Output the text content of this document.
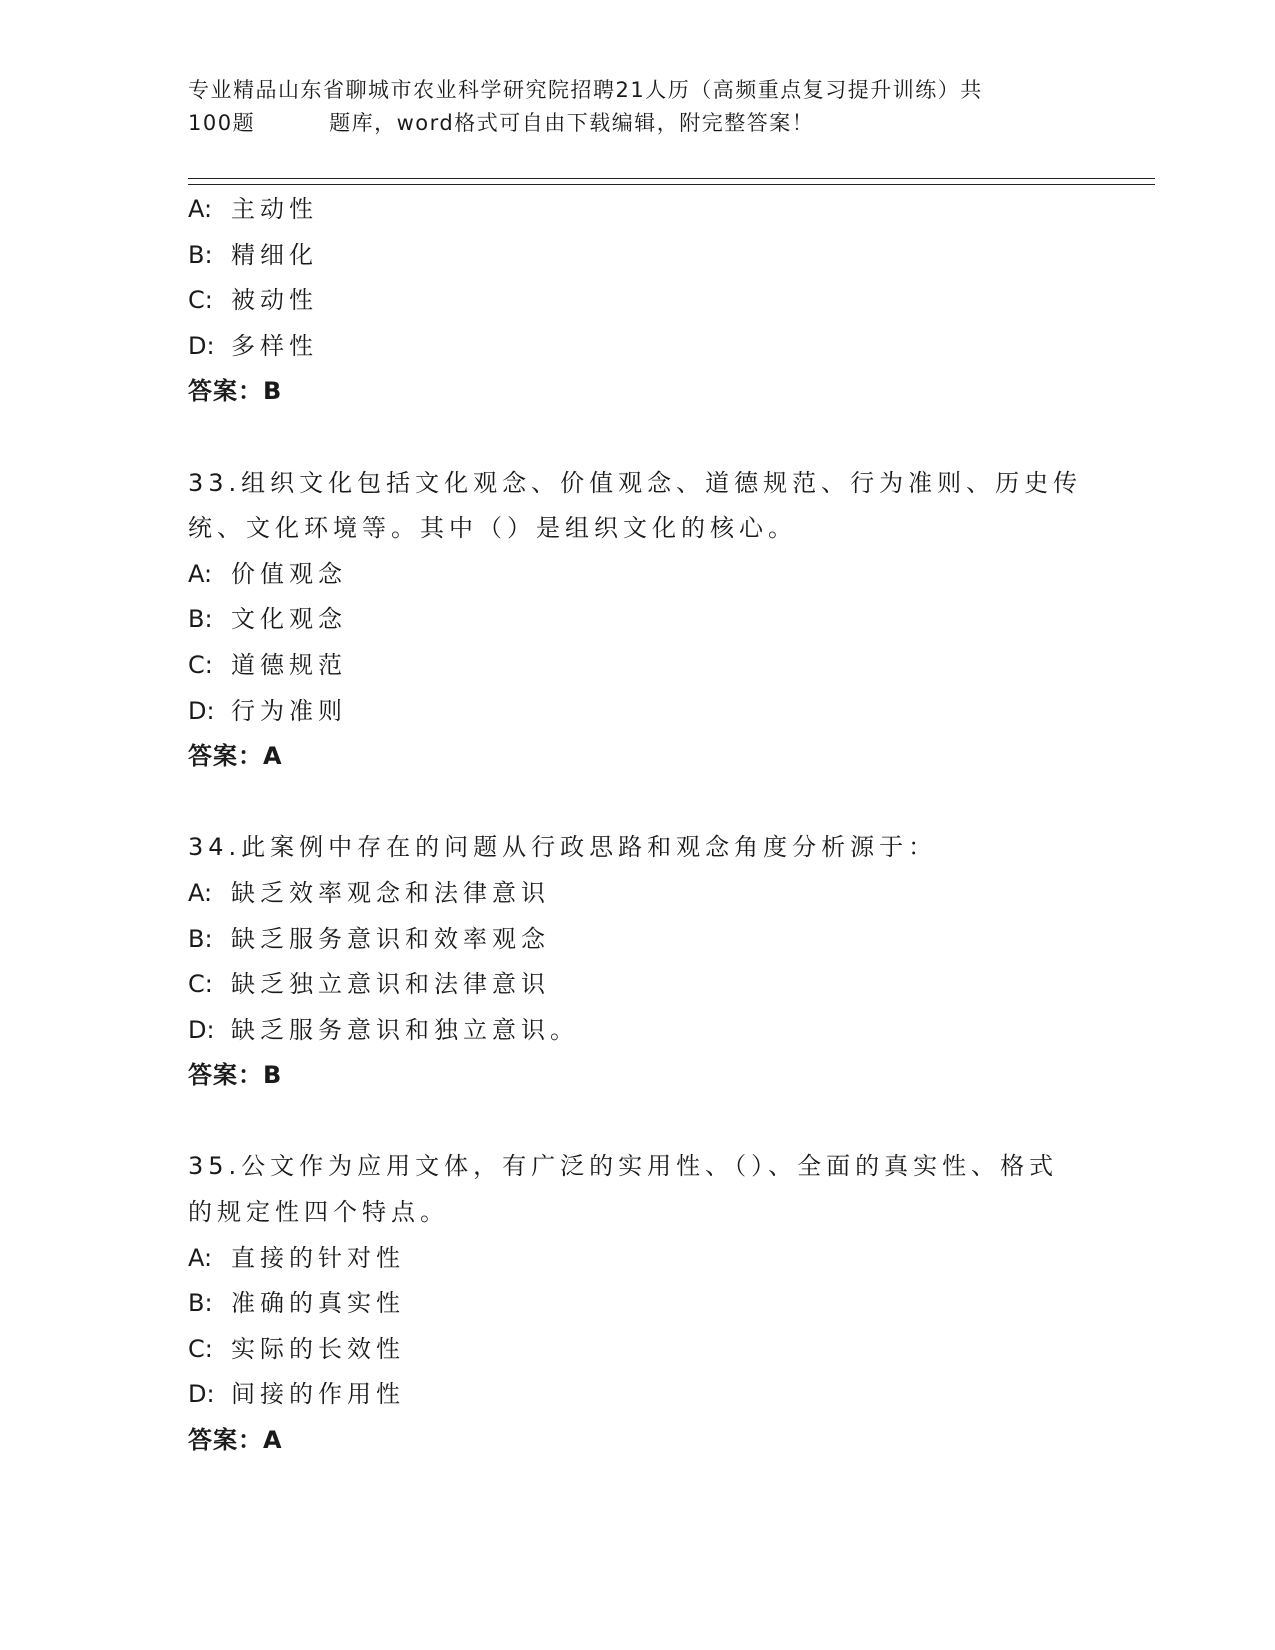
专业精品山东省聊城市农业科学研究院招聘21人历（高频重点复习提升训练）共
100题	题库，word格式可自由下载编辑，附完整答案！
A: 主动性
B: 精细化
C: 被动性
D: 多样性
答案：B
33.组织文化包括文化观念、价值观念、道德规范、行为准则、历史传
统、文化环境等。其中（）是组织文化的核心。
A: 价值观念
B: 文化观念
C: 道德规范
D: 行为准则
答案：A
34.此案例中存在的问题从行政思路和观念角度分析源于：
A: 缺乏效率观念和法律意识
B: 缺乏服务意识和效率观念
C: 缺乏独立意识和法律意识
D: 缺乏服务意识和独立意识。
答案：B
35.公文作为应用文体，有广泛的实用性、（）、全面的真实性、格式
的规定性四个特点。
A: 直接的针对性
B: 准确的真实性
C: 实际的长效性
D: 间接的作用性
答案：A
